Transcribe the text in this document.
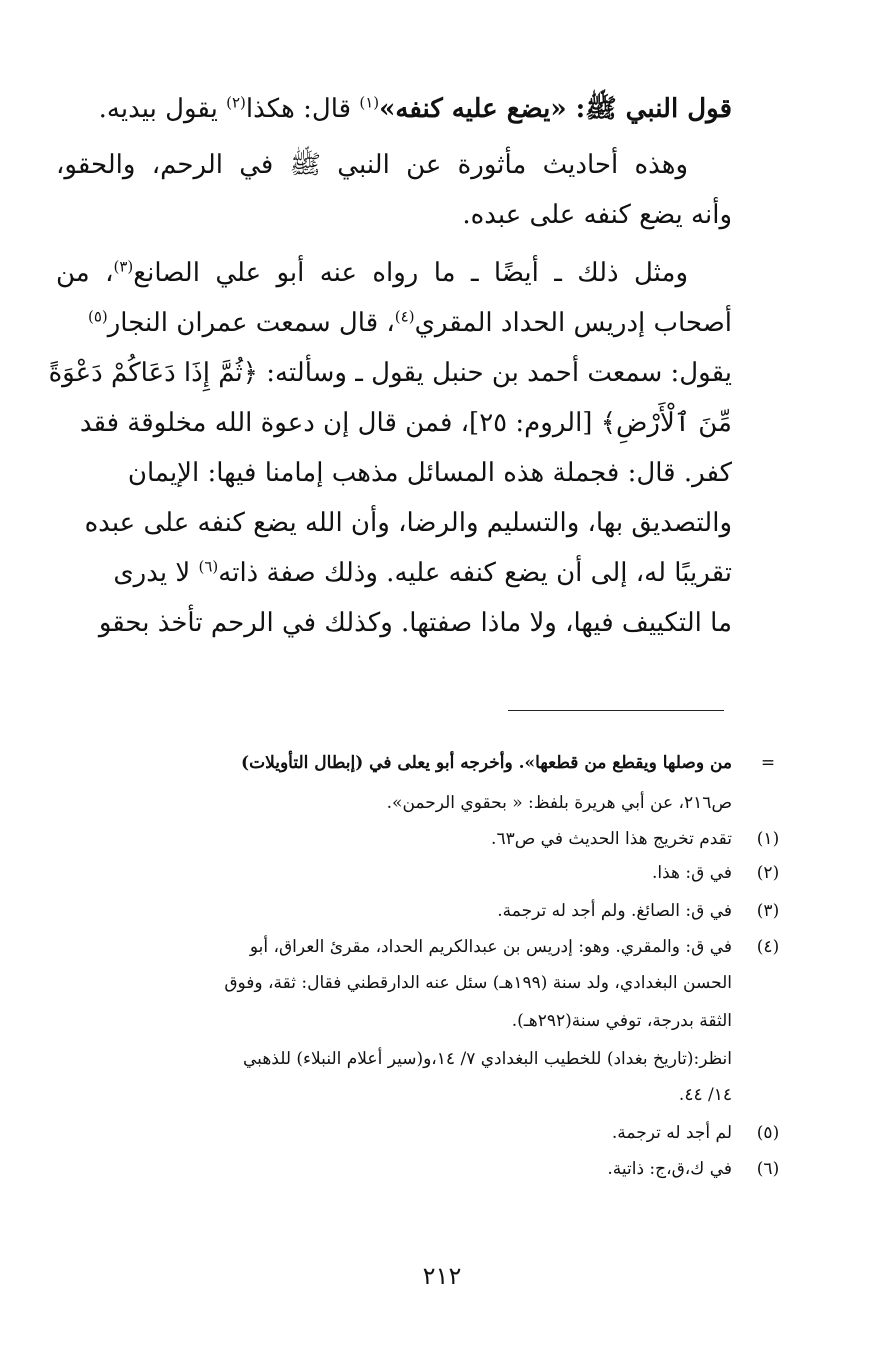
قول النبي ﷺ: «يضع عليه كنفه»$^{(١)}$ قال: هكذا$^{(٢)}$ يقول بيديه.
وهذه أحاديث مأثورة عن النبي ﷺ في الرحم، والحقو،
وأنه يضع كنفه على عبده.
ومثل ذلك ـ أيضًا ـ ما رواه عنه أبو علي الصانع$^{(٣)}$، من
أصحاب إدريس الحداد المقري$^{(٤)}$، قال سمعت عمران النجار$^{(٥)}$
يقول: سمعت أحمد بن حنبل يقول ـ وسألته: ﴿ثُمَّ إِذَا دَعَاكُمْ دَعْوَةً
مِّنَ ٱلْأَرْضِ﴾ [الروم: ٢٥]، فمن قال إن دعوة الله مخلوقة فقد
كفر. قال: فجملة هذه المسائل مذهب إمامنا فيها: الإيمان
والتصديق بها، والتسليم والرضا، وأن الله يضع كنفه على عبده
تقريبًا له، إلى أن يضع كنفه عليه. وذلك صفة ذاته$^{(٦)}$ لا يدرى
ما التكييف فيها، ولا ماذا صفتها. وكذلك في الرحم تأخذ بحقو
=
من وصلها ويقطع من قطعها». وأخرجه أبو يعلى في (إبطال التأويلات)
ص٢١٦، عن أبي هريرة بلفظ: « بحقوي الرحمن».
(١)
تقدم تخريج هذا الحديث في ص٦٣.
(٢)
في ق: هذا.
(٣)
في ق: الصائغ. ولم أجد له ترجمة.
(٤)
في ق: والمقري. وهو: إدريس بن عبدالكريم الحداد، مقرئ العراق، أبو
الحسن البغدادي، ولد سنة (١٩٩هـ) سئل عنه الدارقطني فقال: ثقة، وفوق
الثقة بدرجة، توفي سنة(٢٩٢هـ).
انظر:(تاريخ بغداد) للخطيب البغدادي ٧/ ١٤،و(سير أعلام النبلاء) للذهبي
١٤/ ٤٤.
(٥)
لم أجد له ترجمة.
(٦)
في ك،ق،ج: ذاتية.
٢١٢
